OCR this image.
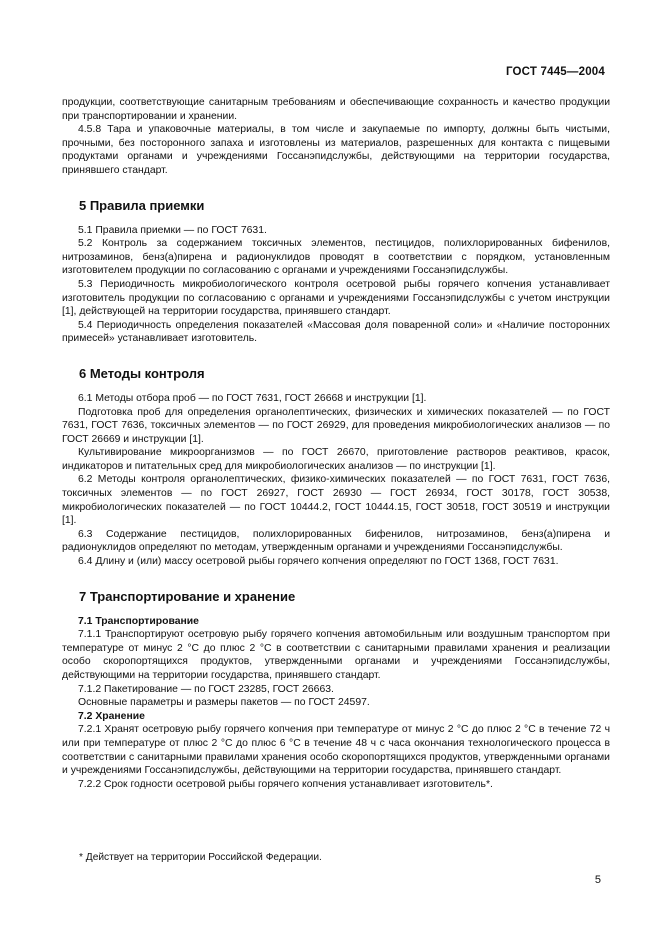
ГОСТ 7445—2004

продукции, соответствующие санитарным требованиям и обеспечивающие сохранность и качество продукции при транспортировании и хранении.

4.5.8 Тара и упаковочные материалы, в том числе и закупаемые по импорту, должны быть чистыми, прочными, без посторонного запаха и изготовлены из материалов, разрешенных для контакта с пищевыми продуктами органами и учреждениями Госсанэпидслужбы, действующими на территории государства, принявшего стандарт.

5 Правила приемки

5.1 Правила приемки — по ГОСТ 7631.

5.2 Контроль за содержанием токсичных элементов, пестицидов, полихлорированных бифенилов, нитрозаминов, бенз(а)пирена и радионуклидов проводят в соответствии с порядком, установленным изготовителем продукции по согласованию с органами и учреждениями Госсанэпидслужбы.

5.3 Периодичность микробиологического контроля осетровой рыбы горячего копчения устанавливает изготовитель продукции по согласованию с органами и учреждениями Госсанэпидслужбы с учетом инструкции [1], действующей на территории государства, принявшего стандарт.

5.4 Периодичность определения показателей «Массовая доля поваренной соли» и «Наличие посторонних примесей» устанавливает изготовитель.

6 Методы контроля

6.1 Методы отбора проб — по ГОСТ 7631, ГОСТ 26668 и инструкции [1].

Подготовка проб для определения органолептических, физических и химических показателей — по ГОСТ 7631, ГОСТ 7636, токсичных элементов — по ГОСТ 26929, для проведения микробиологических анализов — по ГОСТ 26669 и инструкции [1].

Культивирование микроорганизмов — по ГОСТ 26670, приготовление растворов реактивов, красок, индикаторов и питательных сред для микробиологических анализов — по инструкции [1].

6.2 Методы контроля органолептических, физико-химических показателей — по ГОСТ 7631, ГОСТ 7636, токсичных элементов — по ГОСТ 26927, ГОСТ 26930 — ГОСТ 26934, ГОСТ 30178, ГОСТ 30538, микробиологических показателей — по ГОСТ 10444.2, ГОСТ 10444.15, ГОСТ 30518, ГОСТ 30519 и инструкции [1].

6.3 Содержание пестицидов, полихлорированных бифенилов, нитрозаминов, бенз(а)пирена и радионуклидов определяют по методам, утвержденным органами и учреждениями Госсанэпидслужбы.

6.4 Длину и (или) массу осетровой рыбы горячего копчения определяют по ГОСТ 1368, ГОСТ 7631.

7 Транспортирование и хранение

7.1 Транспортирование

7.1.1 Транспортируют осетровую рыбу горячего копчения автомобильным или воздушным транспортом при температуре от минус 2 °С до плюс 2 °С в соответствии с санитарными правилами хранения и реализации особо скоропортящихся продуктов, утвержденными органами и учреждениями Госсанэпидслужбы, действующими на территории государства, принявшего стандарт.

7.1.2 Пакетирование — по ГОСТ 23285, ГОСТ 26663.

Основные параметры и размеры пакетов — по ГОСТ 24597.

7.2 Хранение

7.2.1 Хранят осетровую рыбу горячего копчения при температуре от минус 2 °С до плюс 2 °С в течение 72 ч или при температуре от плюс 2 °С до плюс 6 °С в течение 48 ч с часа окончания технологического процесса в соответствии с санитарными правилами хранения особо скоропортящихся продуктов, утвержденными органами и учреждениями Госсанэпидслужбы, действующими на территории государства, принявшего стандарт.

7.2.2 Срок годности осетровой рыбы горячего копчения устанавливает изготовитель*.

* Действует на территории Российской Федерации.
5
